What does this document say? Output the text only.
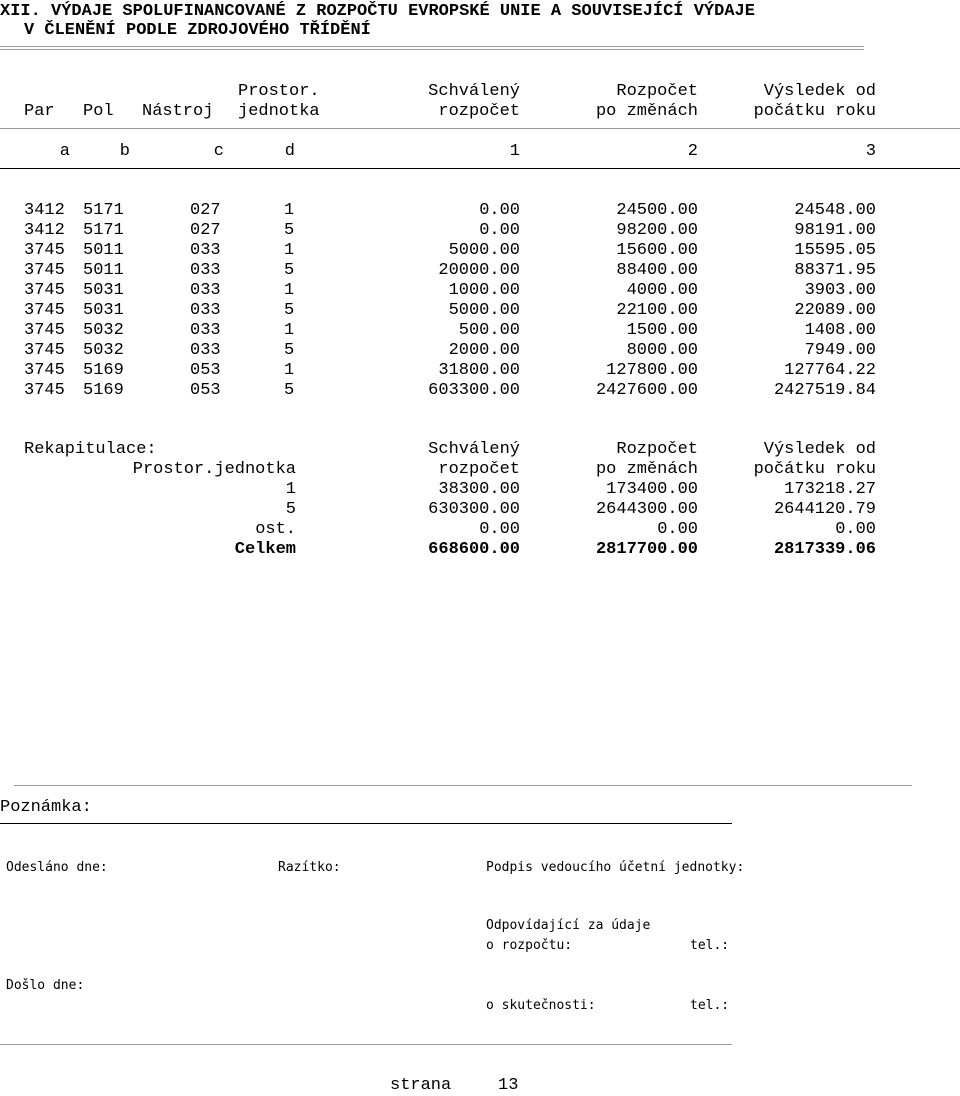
XII. VÝDAJE SPOLUFINANCOVANÉ Z ROZPOČTU EVROPSKÉ UNIE A SOUVISEJÍCÍ VÝDAJE
V ČLENĚNÍ PODLE ZDROJOVÉHO TŘÍDĚNÍ
Prostor.	Schválený	Rozpočet	Výsledek od
Par Pol Nástroj jednotka	rozpočet	po změnách	počátku roku
a	b	c	d	1	2	3
3412	5171	027	1	0.00	24500.00	24548.00
3412	5171	027	5	0.00	98200.00	98191.00
3745	5011	033	1	5000.00	15600.00	15595.05
3745	5011	033	5	20000.00	88400.00	88371.95
3745	5031	033	1	1000.00	4000.00	3903.00
3745	5031	033	5	5000.00	22100.00	22089.00
3745	5032	033	1	500.00	1500.00	1408.00
3745	5032	033	5	2000.00	8000.00	7949.00
3745	5169	053	1	31800.00	127800.00	127764.22
3745	5169	053	5	603300.00	2427600.00	2427519.84
Rekapitulace:	Schválený	Rozpočet	Výsledek od
Prostor.jednotka	rozpočet	po změnách	počátku roku
1	38300.00	173400.00	173218.27
5	630300.00	2644300.00	2644120.79
ost.	0.00	0.00	0.00
Celkem	668600.00	2817700.00	2817339.06
Poznámka:
Odesláno dne:	Razítko:	Podpis vedoucího účetní jednotky:
Odpovídající za údaje
o rozpočtu:	tel.:
Došlo dne:
o skutečnosti:	tel.:
strana	13
